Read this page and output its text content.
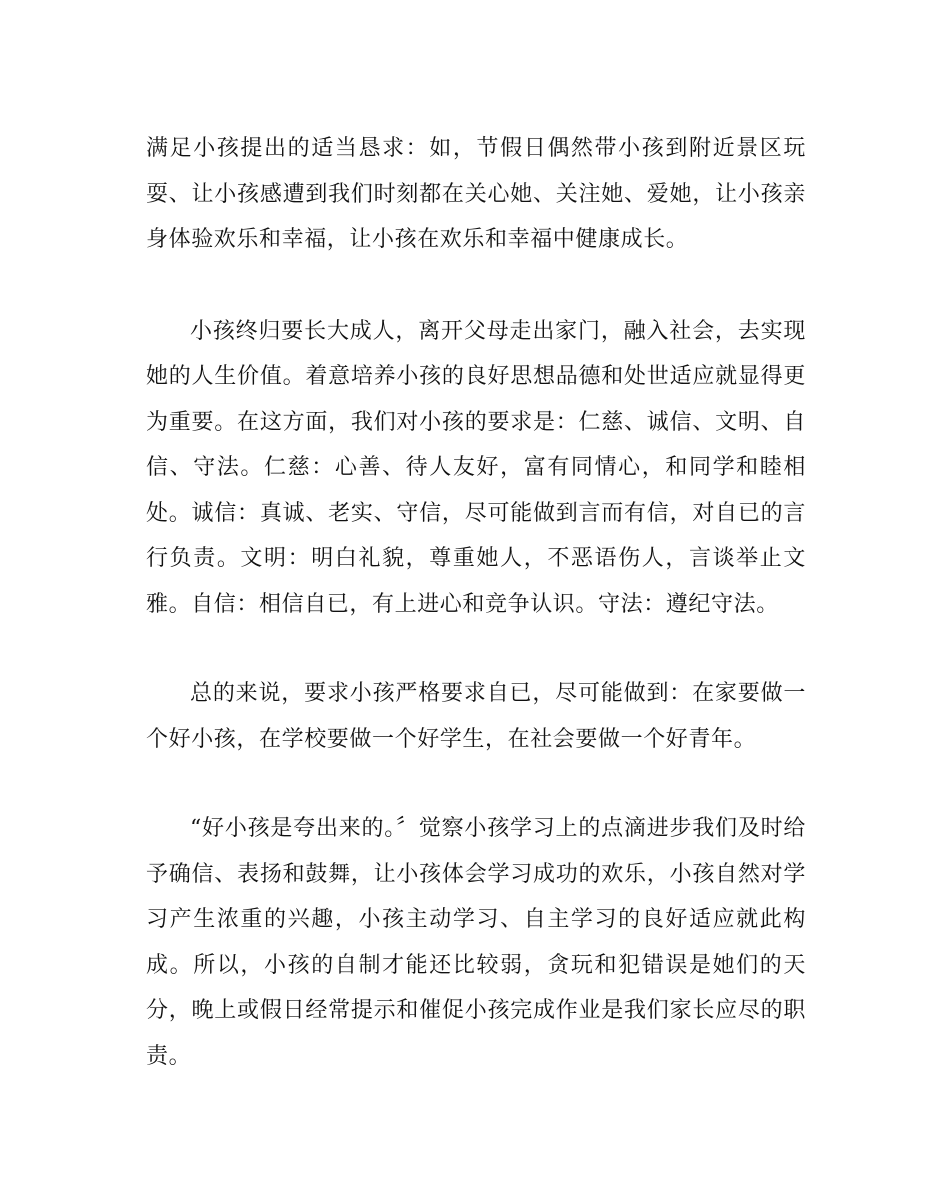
满足小孩提出的适当恳求：如，节假日偶然带小孩到附近景区玩耍、让小孩感遭到我们时刻都在关心她、关注她、爱她，让小孩亲身体验欢乐和幸福，让小孩在欢乐和幸福中健康成长。

小孩终归要长大成人，离开父母走出家门，融入社会，去实现她的人生价值。着意培养小孩的良好思想品德和处世适应就显得更为重要。在这方面，我们对小孩的要求是：仁慈、诚信、文明、自信、守法。仁慈：心善、待人友好，富有同情心，和同学和睦相处。诚信：真诚、老实、守信，尽可能做到言而有信，对自已的言行负责。文明：明白礼貌，尊重她人，不恶语伤人，言谈举止文雅。自信：相信自已，有上进心和竞争认识。守法：遵纪守法。

总的来说，要求小孩严格要求自已，尽可能做到：在家要做一个好小孩，在学校要做一个好学生，在社会要做一个好青年。

“好小孩是夸出来的。〞觉察小孩学习上的点滴进步我们及时给予确信、表扬和鼓舞，让小孩体会学习成功的欢乐，小孩自然对学习产生浓重的兴趣，小孩主动学习、自主学习的良好适应就此构成。所以，小孩的自制才能还比较弱，贪玩和犯错误是她们的天分，晚上或假日经常提示和催促小孩完成作业是我们家长应尽的职责。
